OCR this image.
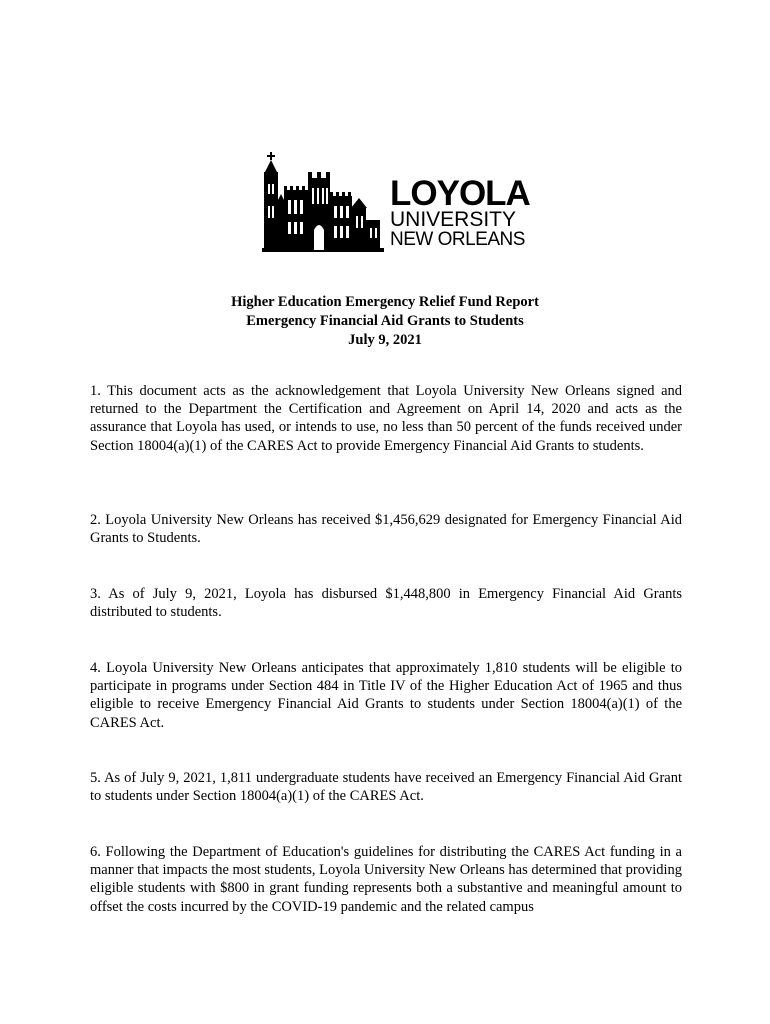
LOYOLA
UNIVERSITY
NEW ORLEANS
Higher Education Emergency Relief Fund Report
Emergency Financial Aid Grants to Students
July 9, 2021

1. This document acts as the acknowledgement that Loyola University New Orleans signed and returned to the Department the Certification and Agreement on April 14, 2020 and acts as the assurance that Loyola has used, or intends to use, no less than 50 percent of the funds received under Section 18004(a)(1) of the CARES Act to provide Emergency Financial Aid Grants to students.

2. Loyola University New Orleans has received $1,456,629 designated for Emergency Financial Aid Grants to Students.

3. As of July 9, 2021, Loyola has disbursed $1,448,800 in Emergency Financial Aid Grants distributed to students.

4. Loyola University New Orleans anticipates that approximately 1,810 students will be eligible to participate in programs under Section 484 in Title IV of the Higher Education Act of 1965 and thus eligible to receive Emergency Financial Aid Grants to students under Section 18004(a)(1) of the CARES Act.

5. As of July 9, 2021, 1,811 undergraduate students have received an Emergency Financial Aid Grant to students under Section 18004(a)(1) of the CARES Act.

6. Following the Department of Education's guidelines for distributing the CARES Act funding in a manner that impacts the most students, Loyola University New Orleans has determined that providing eligible students with $800 in grant funding represents both a substantive and meaningful amount to offset the costs incurred by the COVID-19 pandemic and the related campus
